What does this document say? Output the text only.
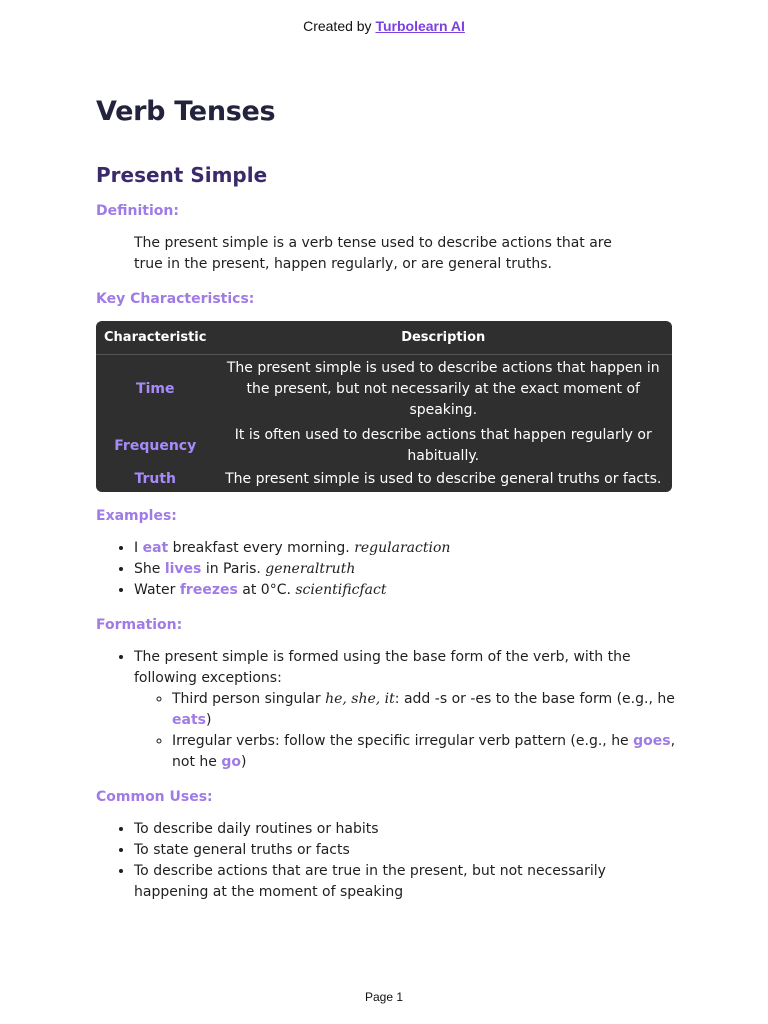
Created by Turbolearn AI
Verb Tenses
Present Simple
Definition:

The present simple is a verb tense used to describe actions that are true in the present, happen regularly, or are general truths.

Key Characteristics:
Characteristic	Description
Time	The present simple is used to describe actions that happen in the present, but not necessarily at the exact moment of speaking.
Frequency	It is often used to describe actions that happen regularly or habitually.
Truth	The present simple is used to describe general truths or facts.
Examples:
• I eat breakfast every morning. regularaction
• She lives in Paris. generaltruth
• Water freezes at 0°C. scientificfact
Formation:
• The present simple is formed using the base form of the verb, with the following exceptions:
◦ Third person singular he, she, it: add -s or -es to the base form (e.g., he eats)
◦ Irregular verbs: follow the specific irregular verb pattern (e.g., he goes, not he go)
Common Uses:
• To describe daily routines or habits
• To state general truths or facts
• To describe actions that are true in the present, but not necessarily happening at the moment of speaking
Page 1
